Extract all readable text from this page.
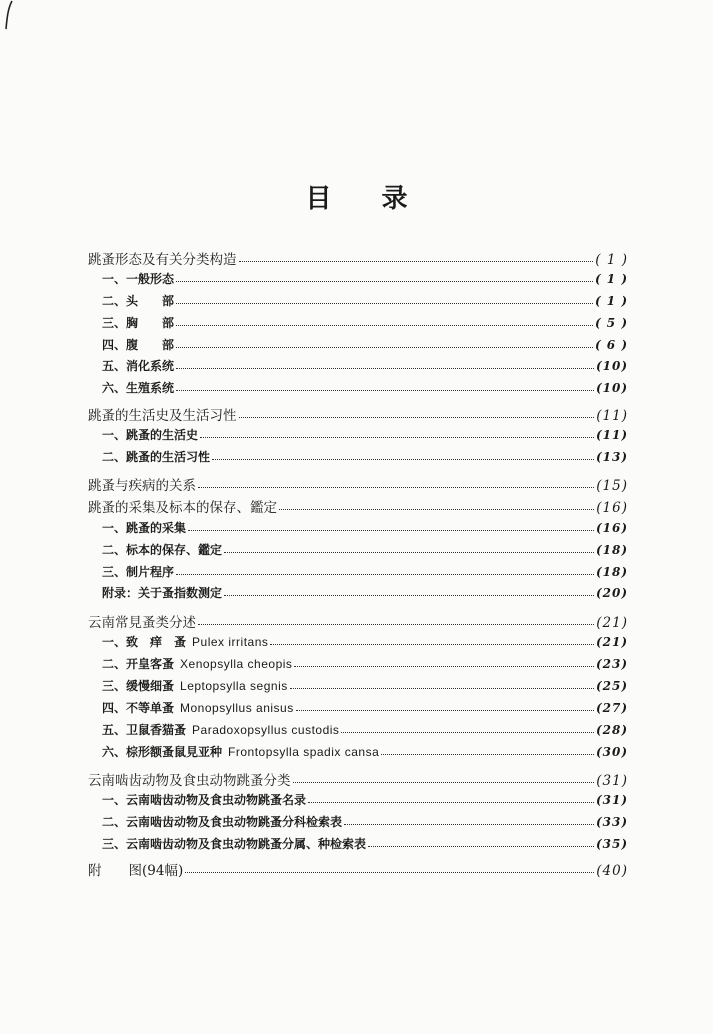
目 录
跳蚤形态及有关分类构造	( 1 )
一、一般形态	( 1 )
二、头　　部	( 1 )
三、胸　　部	( 5 )
四、腹　　部	( 6 )
五、消化系统	(10)
六、生殖系统	(10)
跳蚤的生活史及生活习性	(11)
一、跳蚤的生活史	(11)
二、跳蚤的生活习性	(13)
跳蚤与疾病的关系	(15)
跳蚤的采集及标本的保存、鑑定	(16)
一、跳蚤的采集	(16)
二、标本的保存、鑑定	(18)
三、制片程序	(18)
附录：关于蚤指数测定	(20)
云南常見蚤类分述	(21)
一、致　痒　蚤 Pulex irritans	(21)
二、开皇客蚤 Xenopsylla cheopis	(23)
三、缓慢细蚤 Leptopsylla segnis	(25)
四、不等单蚤 Monopsyllus anisus	(27)
五、卫鼠香猫蚤 Paradoxopsyllus custodis	(28)
六、棕形额蚤鼠見亚种 Frontopsylla spadix cansa	(30)
云南啮齿动物及食虫动物跳蚤分类	(31)
一、云南啮齿动物及食虫动物跳蚤名录	(31)
二、云南啮齿动物及食虫动物跳蚤分科检索表	(33)
三、云南啮齿动物及食虫动物跳蚤分属、种检索表	(35)
附　　图(94幅)	(40)
